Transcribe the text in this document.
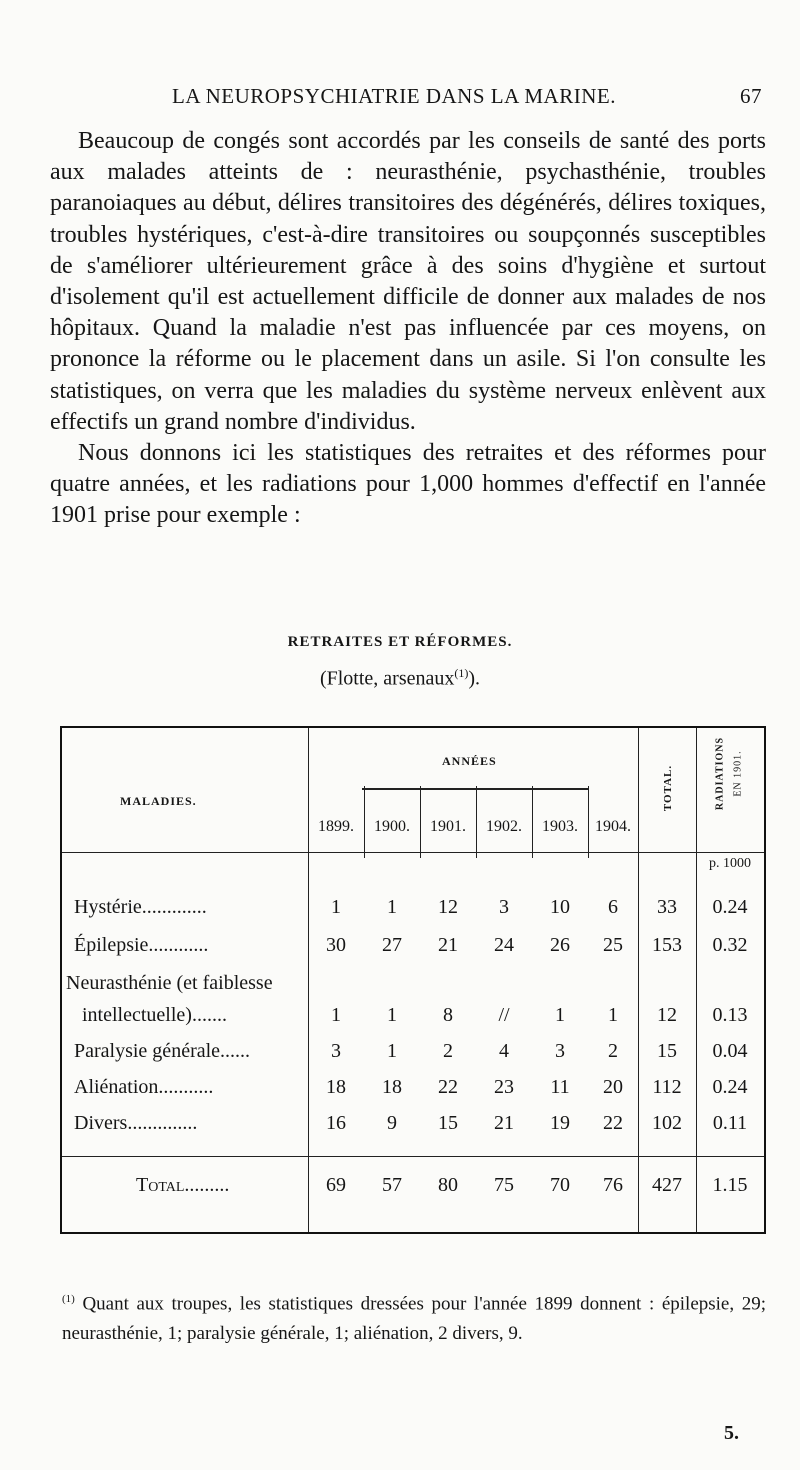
LA NEUROPSYCHIATRIE DANS LA MARINE.	67

Beaucoup de congés sont accordés par les conseils de santé des ports aux malades atteints de : neurasthénie, psychasthénie, troubles paranoiaques au début, délires transitoires des dégénérés, délires toxiques, troubles hystériques, c'est-à-dire transitoires ou soupçonnés susceptibles de s'améliorer ultérieurement grâce à des soins d'hygiène et surtout d'isolement qu'il est actuellement difficile de donner aux malades de nos hôpitaux. Quand la maladie n'est pas influencée par ces moyens, on prononce la réforme ou le placement dans un asile. Si l'on consulte les statistiques, on verra que les maladies du système nerveux enlèvent aux effectifs un grand nombre d'individus.

Nous donnons ici les statistiques des retraites et des réformes pour quatre années, et les radiations pour 1,000 hommes d'effectif en l'année 1901 prise pour exemple :

RETRAITES ET RÉFORMES.
(Flotte, arsenaux$^{(1)}$).
MALADIES.
ANNÉES
1899.	1900.	1901.	1902.	1903.	1904.
TOTAL.	RADIATIONS EN 1901.
p. 1000
Hystérie.............	1	1	12	3	10	6	33	0.24
Épilepsie............	30	27	21	24	26	25	153	0.32
Neurasthénie (et faiblesse
intellectuelle).......	1	1	8	//	1	1	12	0.13
Paralysie générale......	3	1	2	4	3	2	15	0.04
Aliénation...........	18	18	22	23	11	20	112	0.24
Divers..............	16	9	15	21	19	22	102	0.11
Total.........	69	57	80	75	70	76	427	1.15
$^{(1)}$ Quant aux troupes, les statistiques dressées pour l'année 1899 donnent : épilepsie, 29; neurasthénie, 1; paralysie générale, 1; aliénation, 2 divers, 9.
5.
